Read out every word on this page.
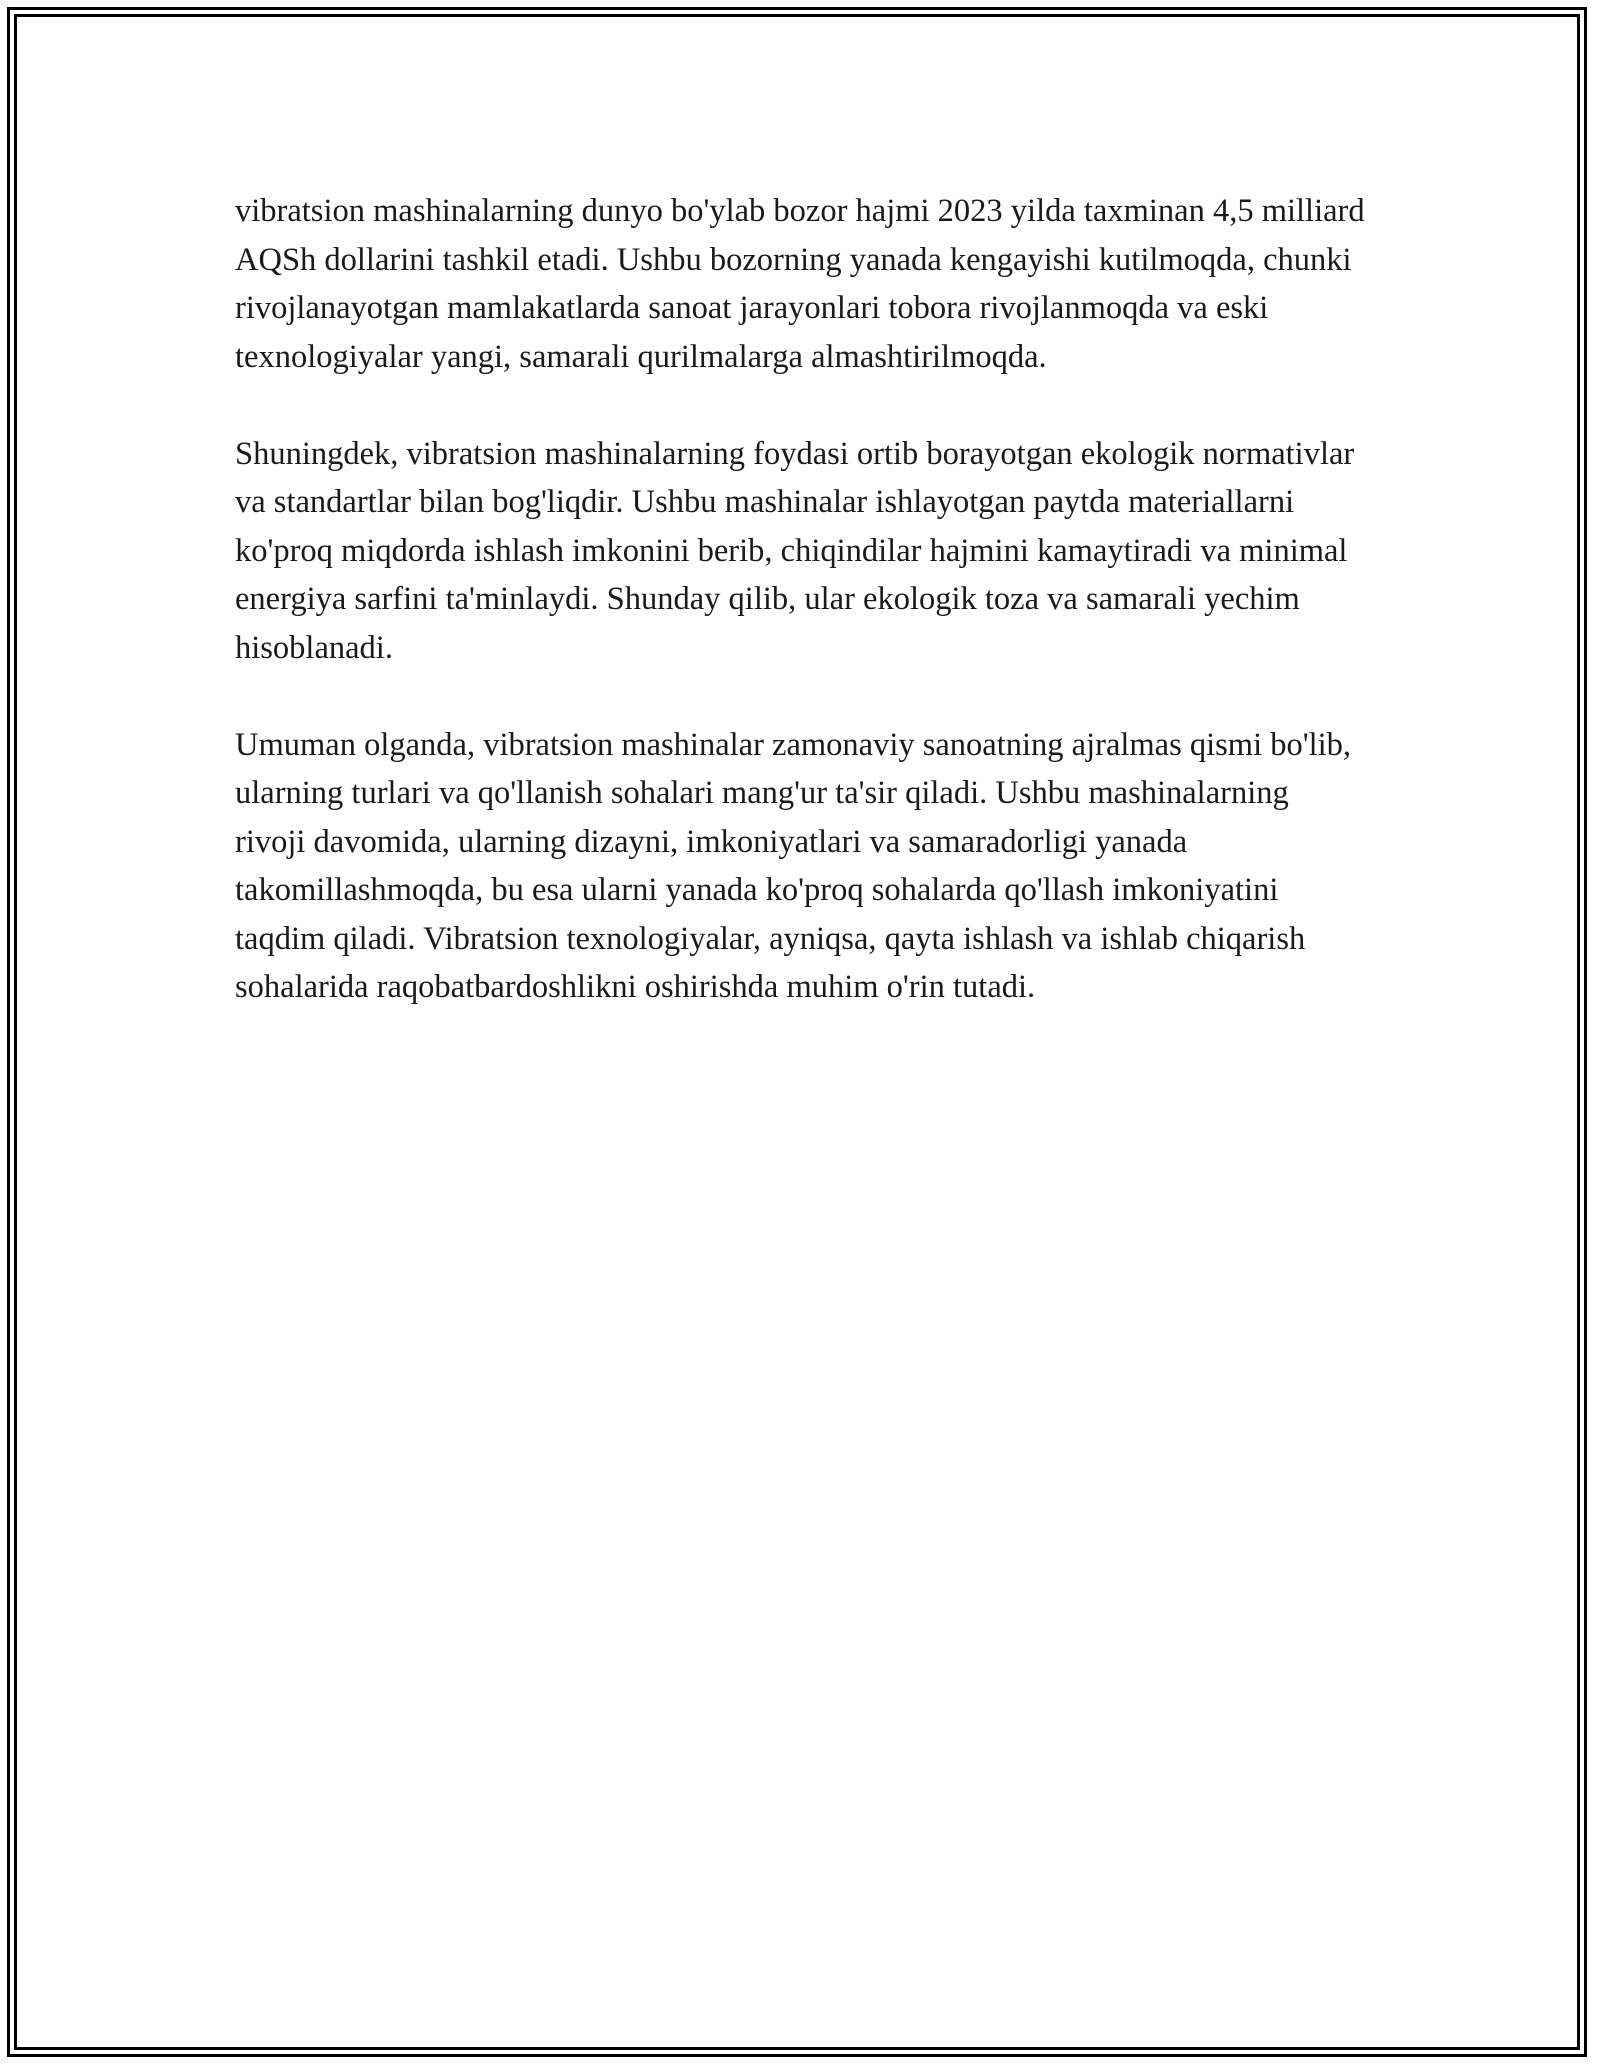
vibratsion mashinalarning dunyo bo'ylab bozor hajmi 2023 yilda taxminan 4,5 milliard AQSh dollarini tashkil etadi. Ushbu bozorning yanada kengayishi kutilmoqda, chunki rivojlanayotgan mamlakatlarda sanoat jarayonlari tobora rivojlanmoqda va eski texnologiyalar yangi, samarali qurilmalarga almashtirilmoqda.

Shuningdek, vibratsion mashinalarning foydasi ortib borayotgan ekologik normativlar va standartlar bilan bog'liqdir. Ushbu mashinalar ishlayotgan paytda materiallarni ko'proq miqdorda ishlash imkonini berib, chiqindilar hajmini kamaytiradi va minimal energiya sarfini ta'minlaydi. Shunday qilib, ular ekologik toza va samarali yechim hisoblanadi.

Umuman olganda, vibratsion mashinalar zamonaviy sanoatning ajralmas qismi bo'lib, ularning turlari va qo'llanish sohalari mang'ur ta'sir qiladi. Ushbu mashinalarning rivoji davomida, ularning dizayni, imkoniyatlari va samaradorligi yanada takomillashmoqda, bu esa ularni yanada ko'proq sohalarda qo'llash imkoniyatini taqdim qiladi. Vibratsion texnologiyalar, ayniqsa, qayta ishlash va ishlab chiqarish sohalarida raqobatbardoshlikni oshirishda muhim o'rin tutadi.
